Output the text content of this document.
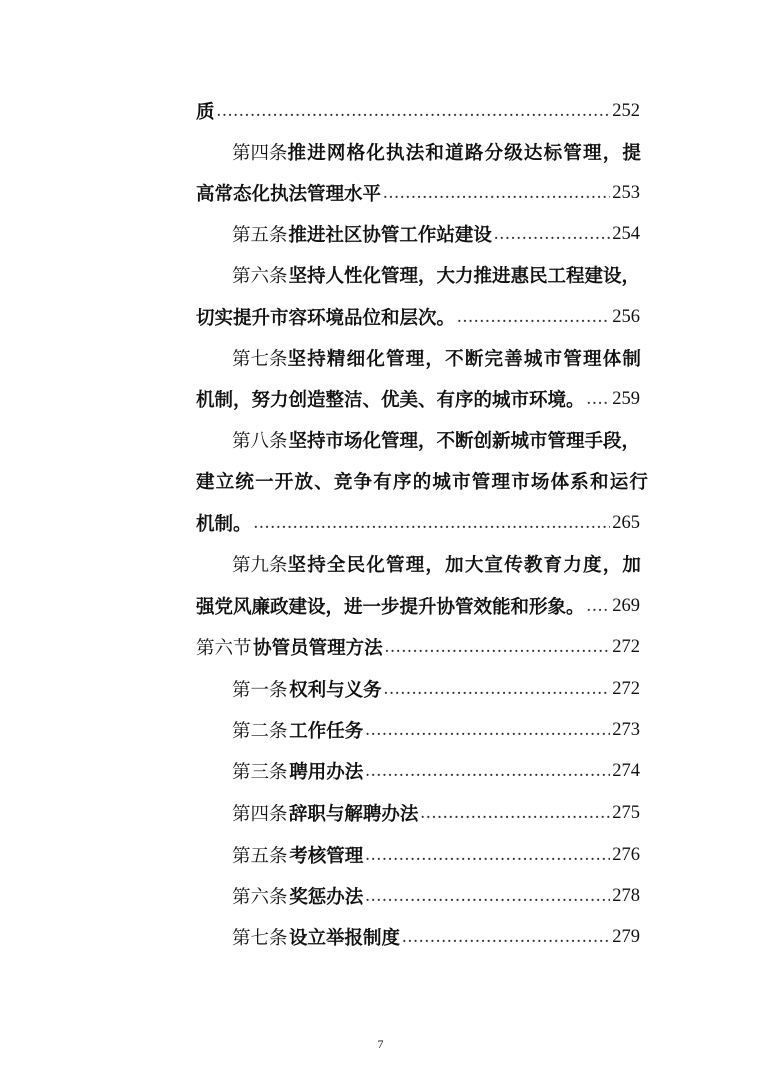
质 .....	252
第四条 推进网格化执法和道路分级达标管理，提
高常态化执法管理水平 .....	253
第五条 推进社区协管工作站建设 .....	254
第六条 坚持人性化管理，大力推进惠民工程建设，
切实提升市容环境品位和层次。 .....	256
第七条 坚持精细化管理，不断完善城市管理体制
机制，努力创造整洁、优美、有序的城市环境。 ..... 259
第八条 坚持市场化管理，不断创新城市管理手段，
建立统一开放、竞争有序的城市管理市场体系和运行
机制。 .....	265
第九条 坚持全民化管理，加大宣传教育力度，加
强党风廉政建设，进一步提升协管效能和形象。 ..... 269
第六节 协管员管理方法 .....	272
第一条 权利与义务 .....	272
第二条 工作任务 .....	273
第三条 聘用办法 .....	274
第四条 辞职与解聘办法 .....	275
第五条 考核管理 .....	276
第六条 奖惩办法 .....	278
第七条 设立举报制度 .....	279
7
